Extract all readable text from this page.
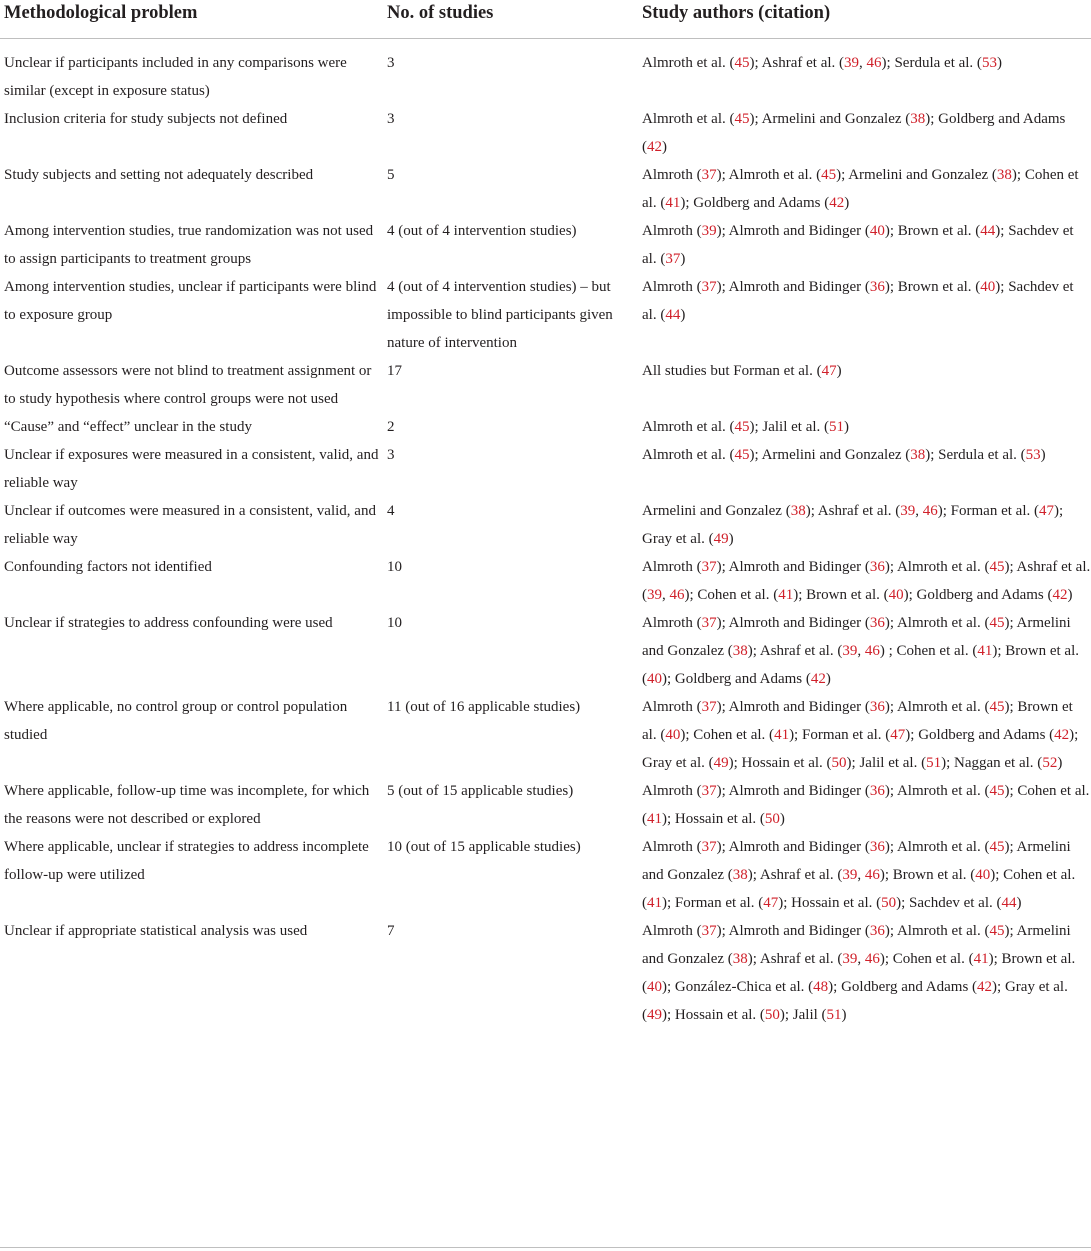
Methodological problem	No. of studies	Study authors (citation)
Unclear if participants included in any comparisons were similar (except in exposure status)	3	Almroth et al. (45); Ashraf et al. (39, 46); Serdula et al. (53)
Inclusion criteria for study subjects not defined	3	Almroth et al. (45); Armelini and Gonzalez (38); Goldberg and Adams (42)
Study subjects and setting not adequately described	5	Almroth (37); Almroth et al. (45); Armelini and Gonzalez (38); Cohen et al. (41); Goldberg and Adams (42)
Among intervention studies, true randomization was not used to assign participants to treatment groups	4 (out of 4 intervention studies)	Almroth (39); Almroth and Bidinger (40); Brown et al. (44); Sachdev et al. (37)
Among intervention studies, unclear if participants were blind to exposure group	4 (out of 4 intervention studies) – but impossible to blind participants given nature of intervention	Almroth (37); Almroth and Bidinger (36); Brown et al. (40); Sachdev et al. (44)
Outcome assessors were not blind to treatment assignment or to study hypothesis where control groups were not used	17	All studies but Forman et al. (47)
“Cause” and “effect” unclear in the study	2	Almroth et al. (45); Jalil et al. (51)
Unclear if exposures were measured in a consistent, valid, and reliable way	3	Almroth et al. (45); Armelini and Gonzalez (38); Serdula et al. (53)
Unclear if outcomes were measured in a consistent, valid, and reliable way	4	Armelini and Gonzalez (38); Ashraf et al. (39, 46); Forman et al. (47); Gray et al. (49)
Confounding factors not identified	10	Almroth (37); Almroth and Bidinger (36); Almroth et al. (45); Ashraf et al. (39, 46); Cohen et al. (41); Brown et al. (40); Goldberg and Adams (42)
Unclear if strategies to address confounding were used	10	Almroth (37); Almroth and Bidinger (36); Almroth et al. (45); Armelini and Gonzalez (38); Ashraf et al. (39, 46) ; Cohen et al. (41); Brown et al. (40); Goldberg and Adams (42)
Where applicable, no control group or control population studied	11 (out of 16 applicable studies)	Almroth (37); Almroth and Bidinger (36); Almroth et al. (45); Brown et al. (40); Cohen et al. (41); Forman et al. (47); Goldberg and Adams (42); Gray et al. (49); Hossain et al. (50); Jalil et al. (51); Naggan et al. (52)
Where applicable, follow-up time was incomplete, for which the reasons were not described or explored	5 (out of 15 applicable studies)	Almroth (37); Almroth and Bidinger (36); Almroth et al. (45); Cohen et al. (41); Hossain et al. (50)
Where applicable, unclear if strategies to address incomplete follow-up were utilized	10 (out of 15 applicable studies)	Almroth (37); Almroth and Bidinger (36); Almroth et al. (45); Armelini and Gonzalez (38); Ashraf et al. (39, 46); Brown et al. (40); Cohen et al. (41); Forman et al. (47); Hossain et al. (50); Sachdev et al. (44)
Unclear if appropriate statistical analysis was used	7	Almroth (37); Almroth and Bidinger (36); Almroth et al. (45); Armelini and Gonzalez (38); Ashraf et al. (39, 46); Cohen et al. (41); Brown et al. (40); González-Chica et al. (48); Goldberg and Adams (42); Gray et al. (49); Hossain et al. (50); Jalil (51)
